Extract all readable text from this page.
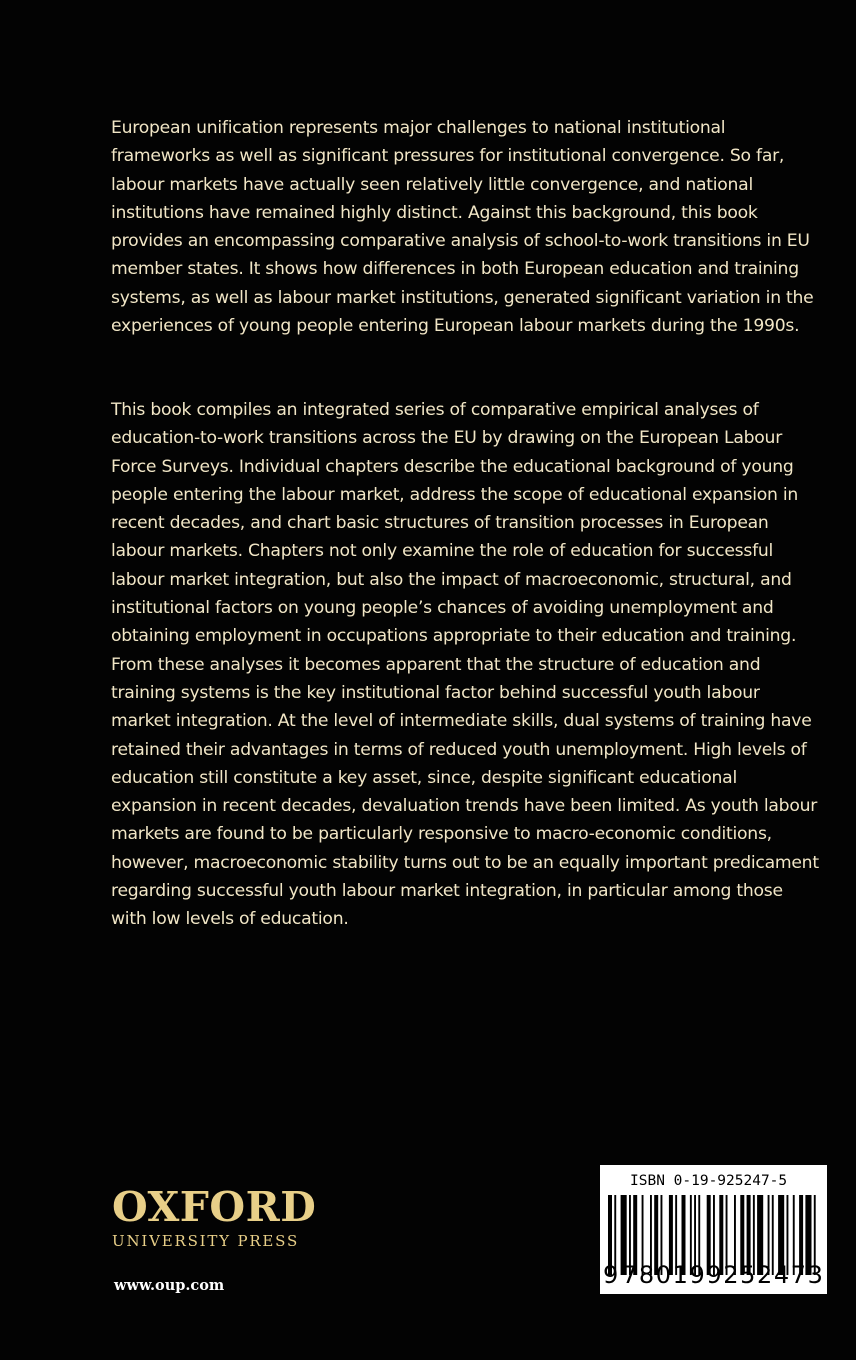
European unification represents major challenges to national institutional frameworks as well as significant pressures for institutional convergence. So far, labour markets have actually seen relatively little convergence, and national institutions have remained highly distinct. Against this background, this book provides an encompassing comparative analysis of school-to-work transitions in EU member states. It shows how differences in both European education and training systems, as well as labour market institutions, generated significant variation in the experiences of young people entering European labour markets during the 1990s.

This book compiles an integrated series of comparative empirical analyses of education-to-work transitions across the EU by drawing on the European Labour Force Surveys. Individual chapters describe the educational background of young people entering the labour market, address the scope of educational expansion in recent decades, and chart basic structures of transition processes in European labour markets. Chapters not only examine the role of education for successful labour market integration, but also the impact of macroeconomic, structural, and institutional factors on young people’s chances of avoiding unemployment and obtaining employment in occupations appropriate to their education and training. From these analyses it becomes apparent that the structure of education and training systems is the key institutional factor behind successful youth labour market integration. At the level of intermediate skills, dual systems of training have retained their advantages in terms of reduced youth unemployment. High levels of education still constitute a key asset, since, despite significant educational expansion in recent decades, devaluation trends have been limited. As youth labour markets are found to be particularly responsive to macro-economic conditions, however, macroeconomic stability turns out to be an equally important predicament regarding successful youth labour market integration, in particular among those with low levels of education.

OXFORD
UNIVERSITY PRESS
www.oup.com
ISBN 0-19-925247-5
9 780199252473
